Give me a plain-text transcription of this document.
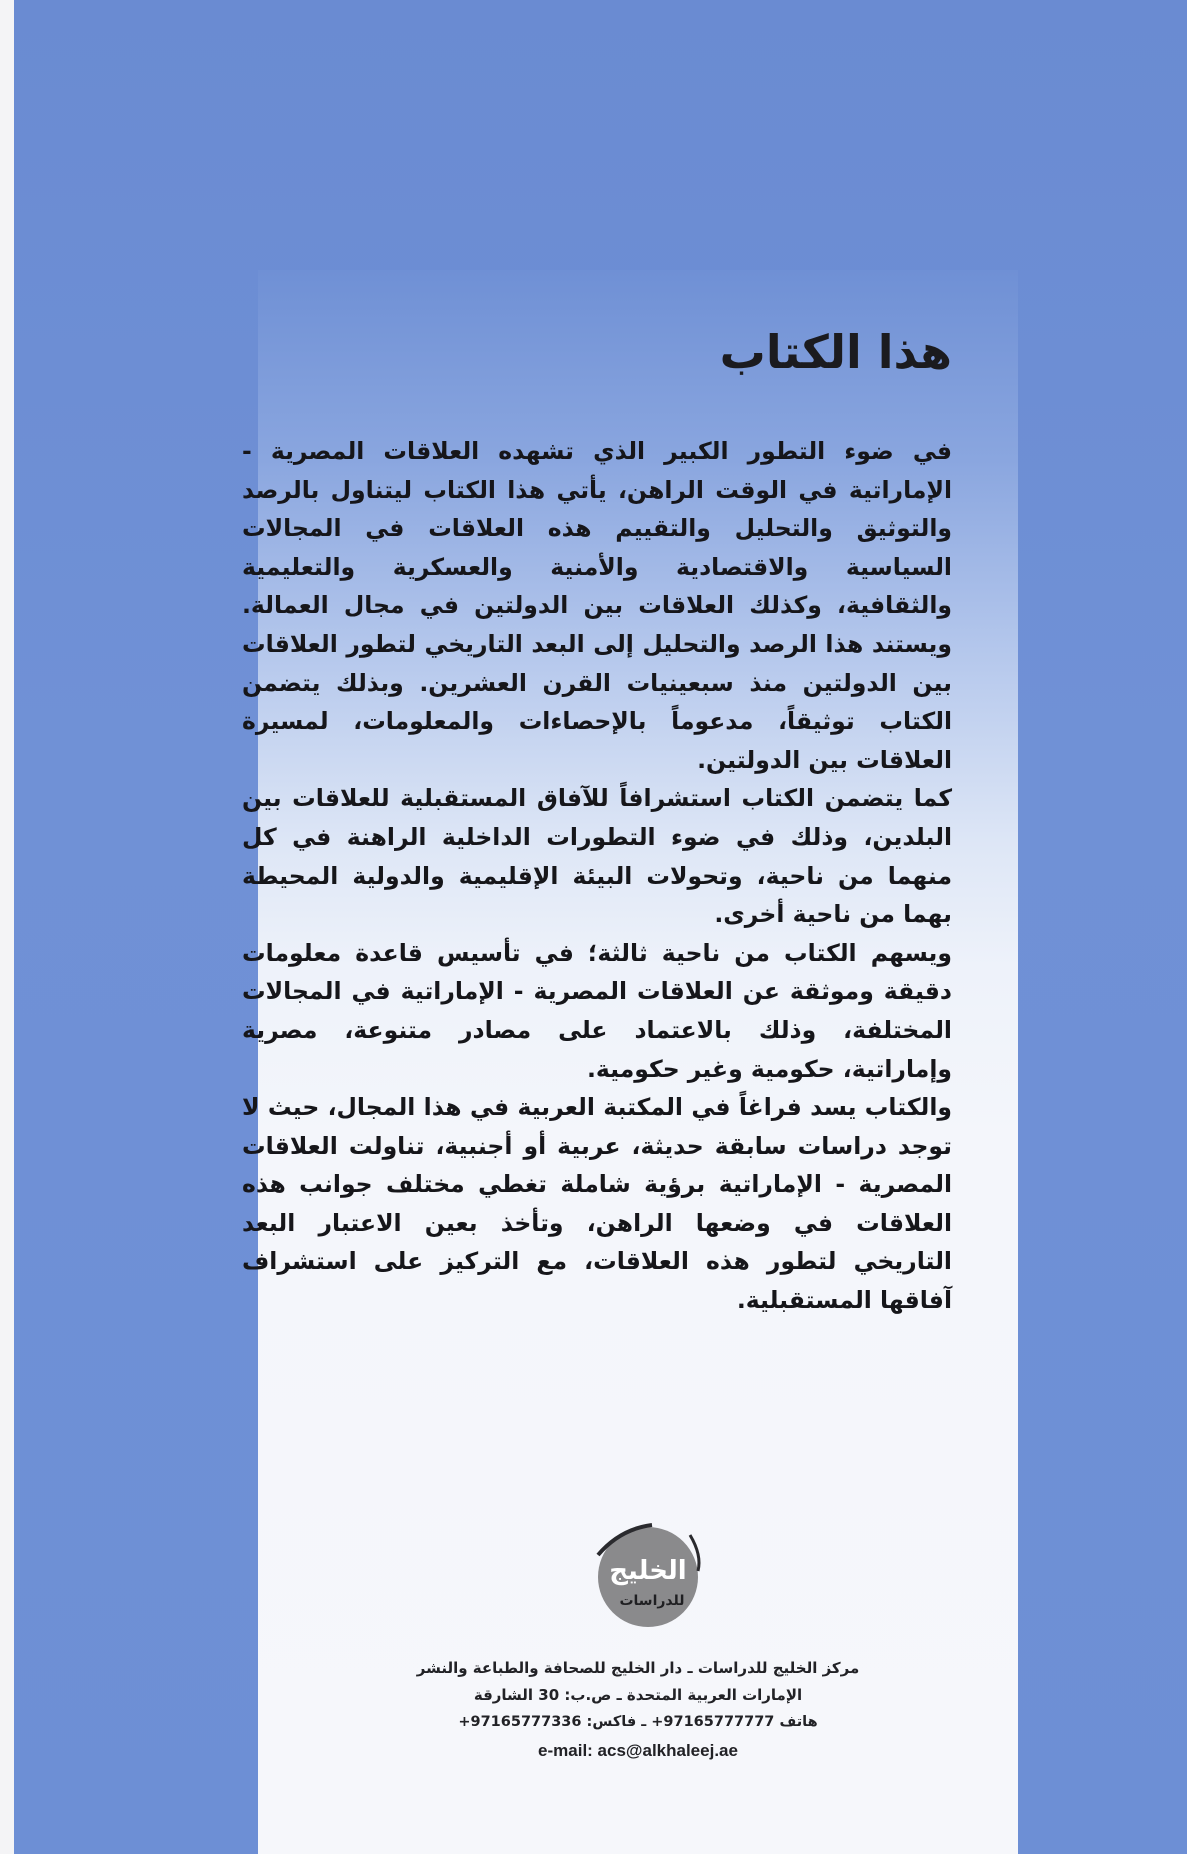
هذا الكتاب

في ضوء التطور الكبير الذي تشهده العلاقات المصرية - الإماراتية في الوقت الراهن، يأتي هذا الكتاب ليتناول بالرصد والتوثيق والتحليل والتقييم هذه العلاقات في المجالات السياسية والاقتصادية والأمنية والعسكرية والتعليمية والثقافية، وكذلك العلاقات بين الدولتين في مجال العمالة. ويستند هذا الرصد والتحليل إلى البعد التاريخي لتطور العلاقات بين الدولتين منذ سبعينيات القرن العشرين. وبذلك يتضمن الكتاب توثيقاً، مدعوماً بالإحصاءات والمعلومات، لمسيرة العلاقات بين الدولتين.

كما يتضمن الكتاب استشرافاً للآفاق المستقبلية للعلاقات بين البلدين، وذلك في ضوء التطورات الداخلية الراهنة في كل منهما من ناحية، وتحولات البيئة الإقليمية والدولية المحيطة بهما من ناحية أخرى.

ويسهم الكتاب من ناحية ثالثة؛ في تأسيس قاعدة معلومات دقيقة وموثقة عن العلاقات المصرية - الإماراتية في المجالات المختلفة، وذلك بالاعتماد على مصادر متنوعة، مصرية وإماراتية، حكومية وغير حكومية.

والكتاب يسد فراغاً في المكتبة العربية في هذا المجال، حيث لا توجد دراسات سابقة حديثة، عربية أو أجنبية، تناولت العلاقات المصرية - الإماراتية برؤية شاملة تغطي مختلف جوانب هذه العلاقات في وضعها الراهن، وتأخذ بعين الاعتبار البعد التاريخي لتطور هذه العلاقات، مع التركيز على استشراف آفاقها المستقبلية.

الخليج
للدراسات
مركز الخليج للدراسات ـ دار الخليج للصحافة والطباعة والنشر
الإمارات العربية المتحدة ـ ص.ب: 30 الشارقة
هاتف 97165777777+ ـ فاكس: 97165777336+
e-mail: acs@alkhaleej.ae
